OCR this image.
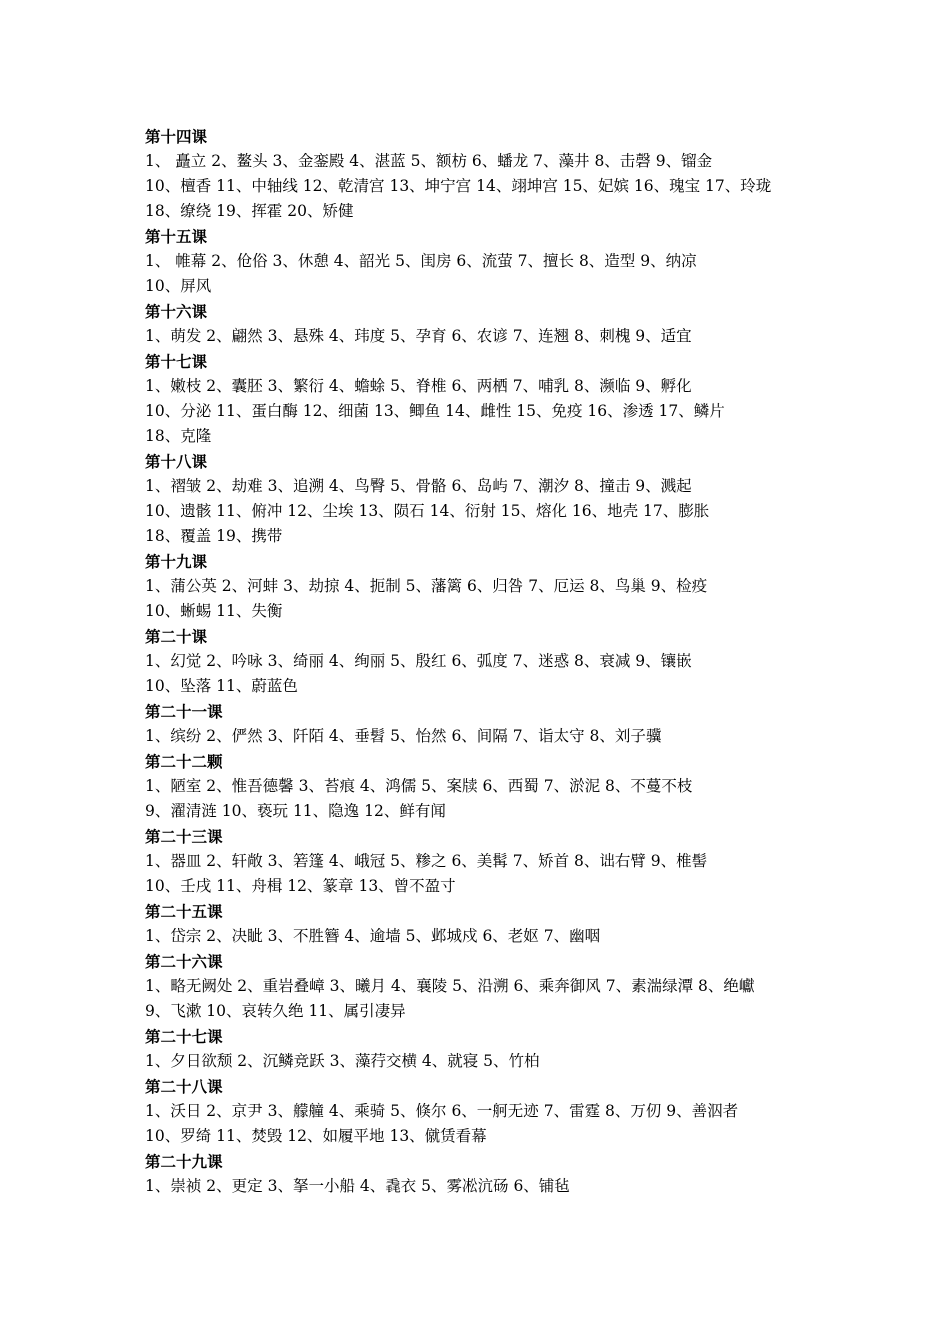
第十四课
1、 矗立 2、鳌头 3、金銮殿 4、湛蓝 5、额枋 6、蟠龙 7、藻井 8、击磬 9、镏金
10、檀香 11、中轴线 12、乾清宫 13、坤宁宫 14、翊坤宫 15、妃嫔 16、瑰宝 17、玲珑
18、缭绕 19、挥霍 20、矫健
第十五课
1、 帷幕 2、伧俗 3、休憩 4、韶光 5、闺房 6、流萤 7、擅长 8、造型 9、纳凉
10、屏风
第十六课
1、萌发 2、翩然 3、悬殊 4、玮度 5、孕育 6、农谚 7、连翘 8、刺槐 9、适宜
第十七课
1、嫩枝 2、囊胚 3、繁衍 4、蟾蜍 5、脊椎 6、两栖 7、哺乳 8、濒临 9、孵化
10、分泌 11、蛋白酶 12、细菌 13、鲫鱼 14、雌性 15、免疫 16、渗透 17、鳞片
18、克隆
第十八课
1、褶皱 2、劫难 3、追溯 4、鸟臀 5、骨骼 6、岛屿 7、潮汐 8、撞击 9、溅起
10、遗骸 11、俯冲 12、尘埃 13、陨石 14、衍射 15、熔化 16、地壳 17、膨胀
18、覆盖 19、携带
第十九课
1、蒲公英 2、河蚌 3、劫掠 4、扼制 5、藩篱 6、归咎 7、厄运 8、鸟巢 9、检疫
10、蜥蜴 11、失衡
第二十课
1、幻觉 2、吟咏 3、绮丽 4、绚丽 5、殷红 6、弧度 7、迷惑 8、衰减 9、镶嵌
10、坠落 11、蔚蓝色
第二十一课
1、缤纷 2、俨然 3、阡陌 4、垂髫 5、怡然 6、间隔 7、诣太守 8、刘子骥
第二十二颗
1、陋室 2、惟吾德馨 3、苔痕 4、鸿儒 5、案牍 6、西蜀 7、淤泥 8、不蔓不枝
9、濯清涟 10、亵玩 11、隐逸 12、鲜有闻
第二十三课
1、器皿 2、轩敞 3、箬篷 4、峨冠 5、糁之 6、美髯 7、矫首 8、诎右臂 9、椎髻
10、壬戌 11、舟楫 12、篆章 13、曾不盈寸
第二十五课
1、岱宗 2、决眦 3、不胜簪 4、逾墙 5、邺城戍 6、老妪 7、幽咽
第二十六课
1、略无阙处 2、重岩叠嶂 3、曦月 4、襄陵 5、沿溯 6、乘奔御风 7、素湍绿潭 8、绝巘
9、飞漱 10、哀转久绝 11、属引凄异
第二十七课
1、夕日欲颓 2、沉鳞竞跃 3、藻荇交横 4、就寝 5、竹柏
第二十八课
1、沃日 2、京尹 3、艨艟 4、乘骑 5、倏尔 6、一舸无迹 7、雷霆 8、万仞 9、善泅者
10、罗绮 11、焚毁 12、如履平地 13、僦赁看幕
第二十九课
1、崇祯 2、更定 3、拏一小船 4、毳衣 5、雾凇沆砀 6、铺毡
